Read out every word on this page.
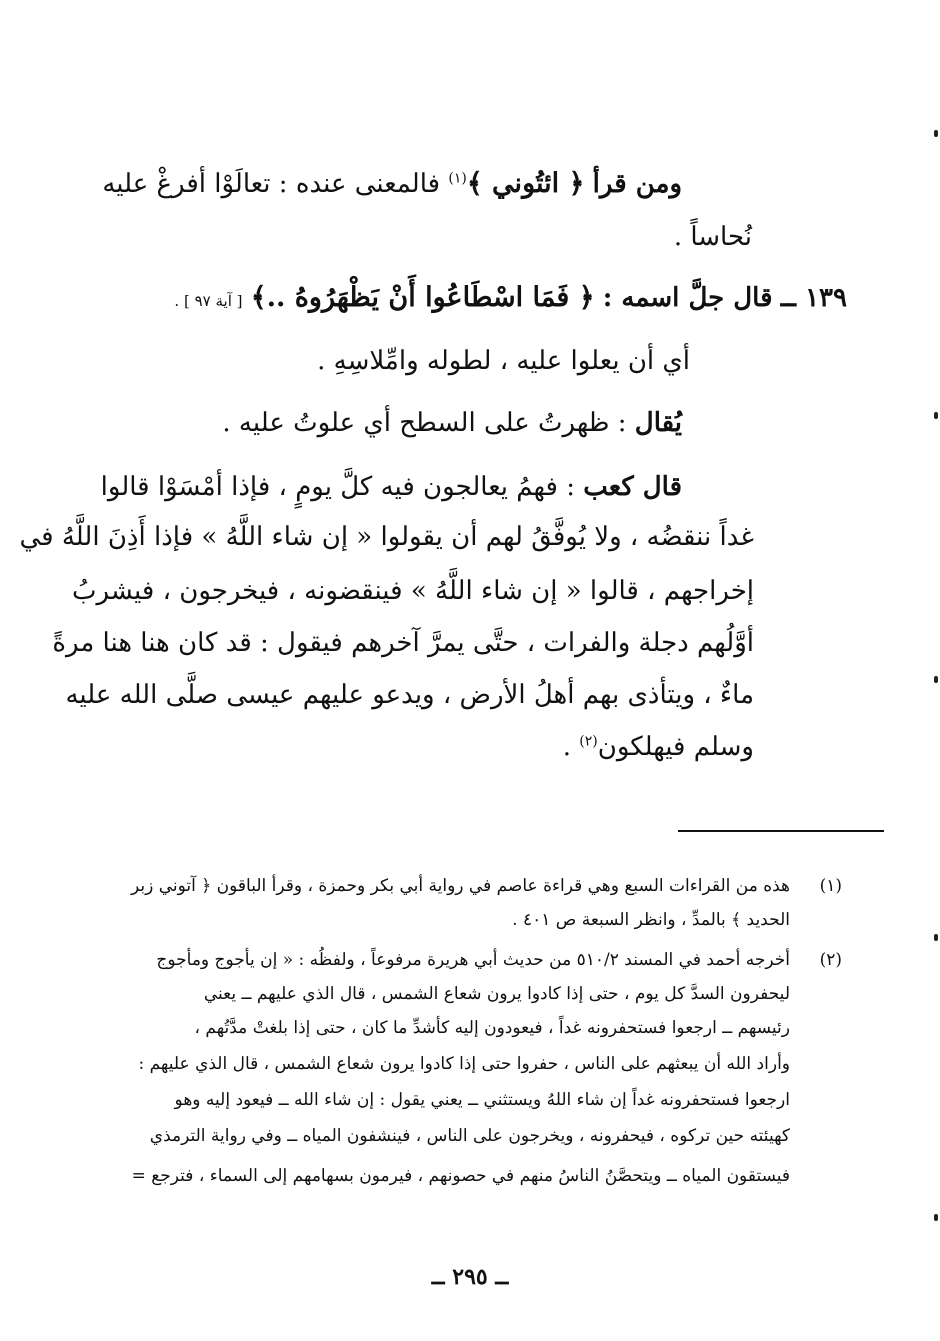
ومن قرأ ﴿ ائتُوني ﴾$^{(١)}$ فالمعنى عنده : تعالَوْا أفرغْ عليه
نُحاساً .
١٣٩ ــ قال جلَّ اسمه : ﴿ فَمَا اسْطَاعُوا أَنْ يَظْهَرُوهُ ..﴾ [ آية ٩٧ ] .
أي أن يعلوا عليه ، لطوله وامِّلاسِهِ .
يُقال : ظهرتُ على السطح أي علوتُ عليه .
قال كعب : فهمُ يعالجون فيه كلَّ يومٍ ، فإذا أمْسَوْا قالوا
غداً ننقضُه ، ولا يُوفَّقُ لهم أن يقولوا « إن شاء اللَّهُ » فإذا أَذِنَ اللَّهُ في
إخراجهم ، قالوا « إن شاء اللَّهُ » فينقضونه ، فيخرجون ، فيشربُ
أوَّلُهم دجلة والفرات ، حتَّى يمرَّ آخرهم فيقول : قد كان هنا هنا مرةً
ماءٌ ، ويتأذى بهم أهلُ الأرض ، ويدعو عليهم عيسى صلَّى الله عليه
وسلم فيهلكون$^{(٢)}$ .
(١)
هذه من القراءات السبع وهي قراءة عاصم في رواية أبي بكر وحمزة ، وقرأ الباقون ﴿ آتوني زبر
الحديد ﴾ بالمدِّ ، وانظر السبعة ص ٤٠١ .
(٢)
أخرجه أحمد في المسند ٥١٠/٢ من حديث أبي هريرة مرفوعاً ، ولفظُه : « إن يأجوج ومأجوج
ليحفرون السدَّ كل يوم ، حتى إذا كادوا يرون شعاع الشمس ، قال الذي عليهم ــ يعني
رئيسهم ــ ارجعوا فستحفرونه غداً ، فيعودون إليه كأشدِّ ما كان ، حتى إذا بلغتْ مدَّتُهم ،
وأراد الله أن يبعثهم على الناس ، حفروا حتى إذا كادوا يرون شعاع الشمس ، قال الذي عليهم :
ارجعوا فستحفرونه غداً إن شاء اللهُ ويستثني ــ يعني يقول : إن شاء الله ــ فيعود إليه وهو
كهيئته حين تركوه ، فيحفرونه ، ويخرجون على الناس ، فينشفون المياه ــ وفي رواية الترمذي
فيستقون المياه ــ ويتحصَّنُ الناسُ منهم في حصونهم ، فيرمون بسهامهم إلى السماء ، فترجع =
ــ ٢٩٥ ــ
